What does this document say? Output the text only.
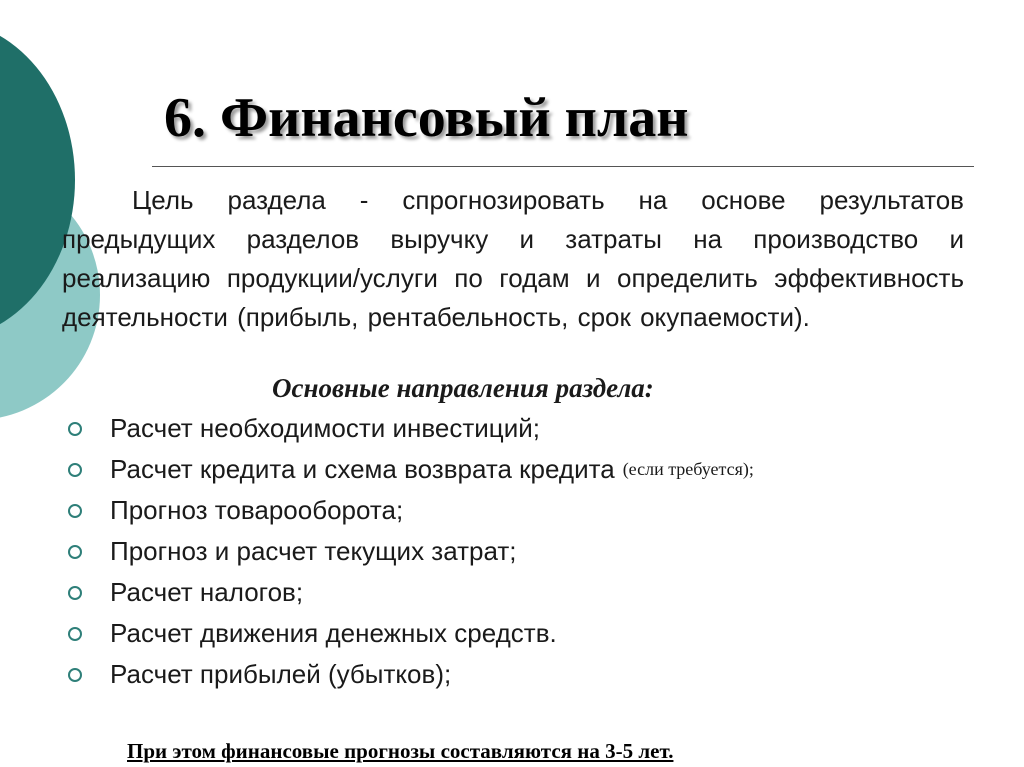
6. Финансовый план

Цель раздела - спрогнозировать на основе результатов предыдущих разделов выручку и затраты на производство и реализацию продукции/услуги по годам и определить эффективность деятельности (прибыль, рентабельность, срок окупаемости).

Основные направления раздела:
Расчет необходимости инвестиций;
Расчет кредита и схема возврата кредита (если требуется);
Прогноз товарооборота;
Прогноз и расчет текущих затрат;
Расчет налогов;
Расчет движения денежных средств.
Расчет прибылей (убытков);

При этом финансовые прогнозы составляются на 3-5 лет.
